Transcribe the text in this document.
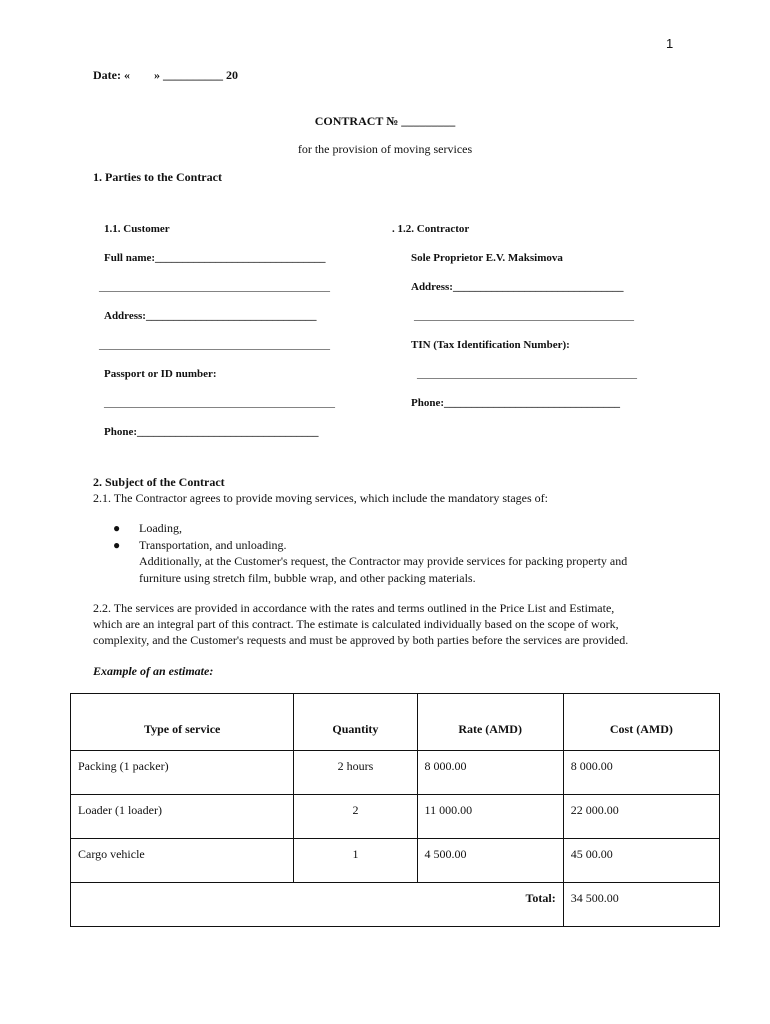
1
Date: «        » __________ 20
CONTRACT № _________
for the provision of moving services
1. Parties to the Contract
1.1. Customer
Full name:_______________________________
__________________________________________
Address:_______________________________
__________________________________________
Passport or ID number:
__________________________________________
Phone:_________________________________
. 1.2. Contractor
Sole Proprietor E.V. Maksimova
Address:_______________________________
________________________________________
TIN (Tax Identification Number):
________________________________________
Phone:________________________________
2. Subject of the Contract
2.1. The Contractor agrees to provide moving services, which include the mandatory stages of:
● Loading,
● Transportation, and unloading.
Additionally, at the Customer's request, the Contractor may provide services for packing property and
furniture using stretch film, bubble wrap, and other packing materials.
2.2. The services are provided in accordance with the rates and terms outlined in the Price List and Estimate,
which are an integral part of this contract. The estimate is calculated individually based on the scope of work,
complexity, and the Customer's requests and must be approved by both parties before the services are provided.
Example of an estimate:
Type of service	Quantity	Rate (AMD)	Cost (AMD)
Packing (1 packer)	2 hours	8 000.00	8 000.00
Loader (1 loader)	2	11 000.00	22 000.00
Cargo vehicle	1	4 500.00	45 00.00
Total:			34 500.00
